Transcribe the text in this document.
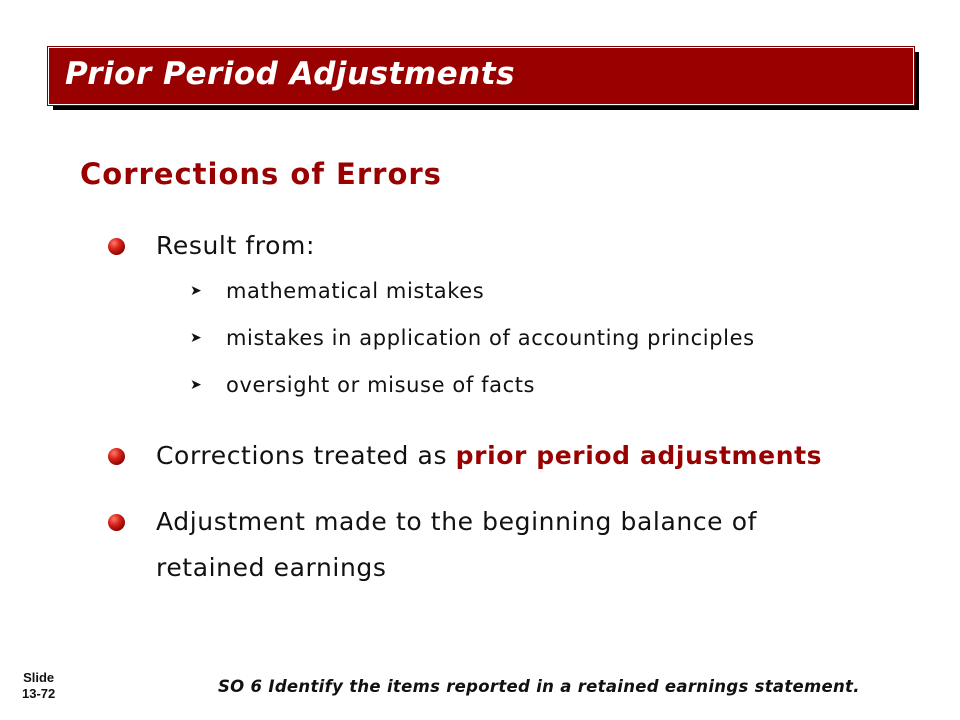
Prior Period Adjustments
Corrections of Errors
Result from:
➤	mathematical mistakes
➤	mistakes in application of accounting principles
➤	oversight or misuse of facts
Corrections treated as prior period adjustments
Adjustment made to the beginning balance of retained earnings
Slide
13-72	SO 6 Identify the items reported in a retained earnings statement.
